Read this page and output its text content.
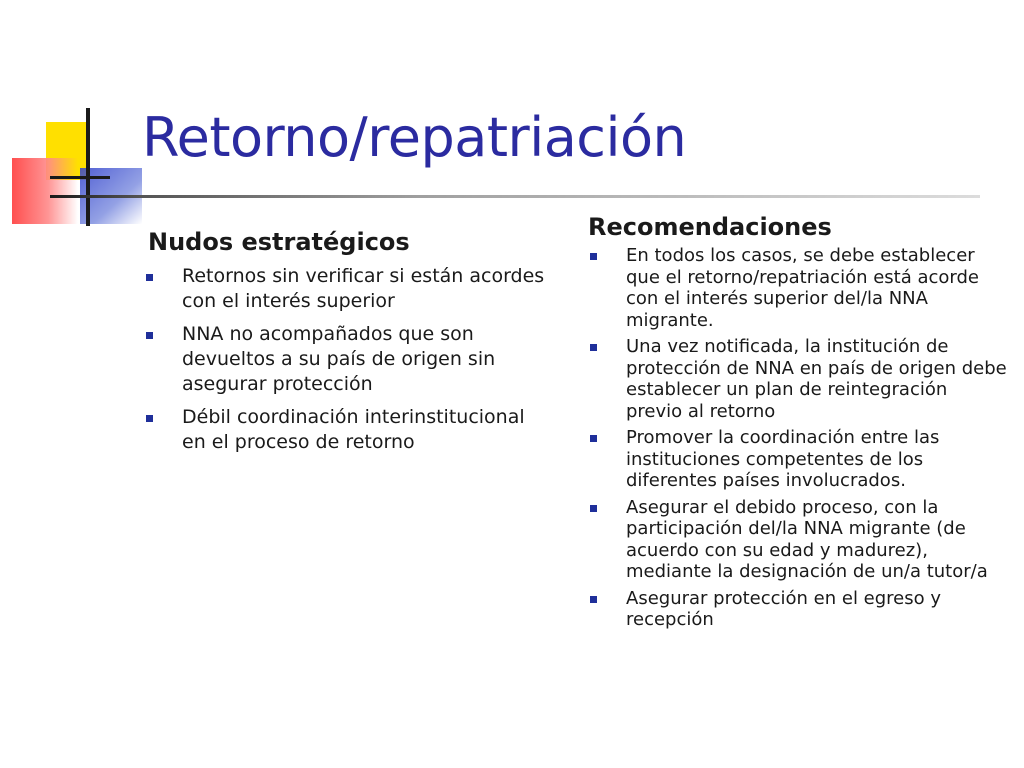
Retorno/repatriación
Nudos estratégicos
Retornos sin verificar si están acordes con el interés superior
NNA no acompañados que son devueltos a su país de origen sin asegurar protección
Débil coordinación interinstitucional en el proceso de retorno
Recomendaciones
En todos los casos, se debe establecer que el retorno/repatriación está acorde con el interés superior del/la NNA migrante.
Una vez notificada, la institución de protección de NNA en país de origen debe establecer un plan de reintegración previo al retorno
Promover la coordinación entre las instituciones competentes de los diferentes países involucrados.
Asegurar el debido proceso, con la participación del/la NNA migrante (de acuerdo con su edad y madurez), mediante la designación de un/a tutor/a
Asegurar protección en el egreso y recepción
